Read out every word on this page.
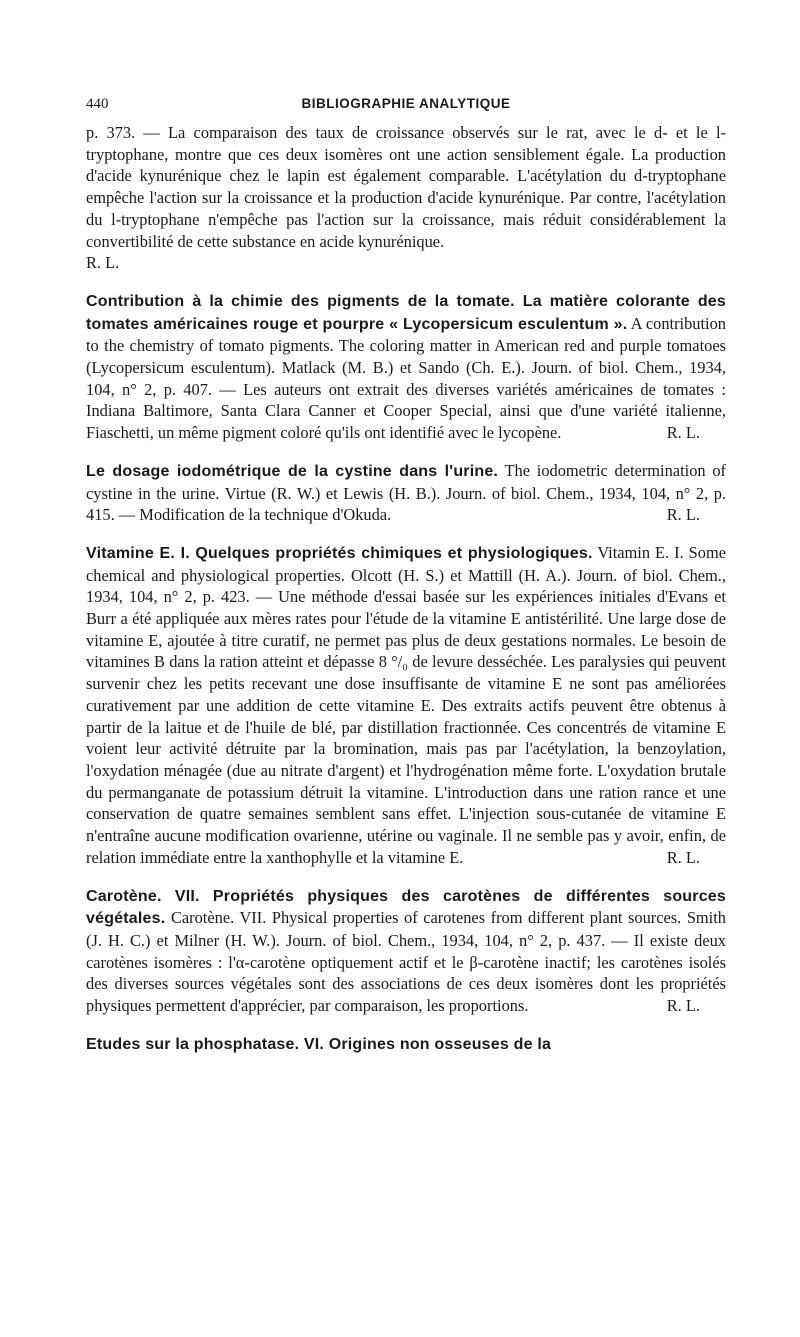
440	BIBLIOGRAPHIE ANALYTIQUE

p. 373. — La comparaison des taux de croissance observés sur le rat, avec le d- et le l-tryptophane, montre que ces deux isomères ont une action sensiblement égale. La production d'acide kynurénique chez le lapin est également comparable. L'acétylation du d-tryptophane empêche l'action sur la croissance et la production d'acide kynurénique. Par contre, l'acétylation du l-tryptophane n'empêche pas l'action sur la croissance, mais réduit considérablement la convertibilité de cette substance en acide kynurénique.

R. L.

Contribution à la chimie des pigments de la tomate. La matière colorante des tomates américaines rouge et pourpre « Lycopersicum esculentum ». A contribution to the chemistry of tomato pigments. The coloring matter in American red and purple tomatoes (Lycopersicum esculentum). Matlack (M. B.) et Sando (Ch. E.). Journ. of biol. Chem., 1934, 104, n° 2, p. 407. — Les auteurs ont extrait des diverses variétés américaines de tomates : Indiana Baltimore, Santa Clara Canner et Cooper Special, ainsi que d'une variété italienne, Fiaschetti, un même pigment coloré qu'ils ont identifié avec le lycopène.	R. L.

Le dosage iodométrique de la cystine dans l'urine. The iodometric determination of cystine in the urine. Virtue (R. W.) et Lewis (H. B.). Journ. of biol. Chem., 1934, 104, n° 2, p. 415. — Modification de la technique d'Okuda.	R. L.

Vitamine E. I. Quelques propriétés chimiques et physiologiques. Vitamin E. I. Some chemical and physiological properties. Olcott (H. S.) et Mattill (H. A.). Journ. of biol. Chem., 1934, 104, n° 2, p. 423. — Une méthode d'essai basée sur les expériences initiales d'Evans et Burr a été appliquée aux mères rates pour l'étude de la vitamine E antistérilité. Une large dose de vitamine E, ajoutée à titre curatif, ne permet pas plus de deux gestations normales. Le besoin de vitamines B dans la ration atteint et dépasse 8 °/₀ de levure desséchée. Les paralysies qui peuvent survenir chez les petits recevant une dose insuffisante de vitamine E ne sont pas améliorées curativement par une addition de cette vitamine E. Des extraits actifs peuvent être obtenus à partir de la laitue et de l'huile de blé, par distillation fractionnée. Ces concentrés de vitamine E voient leur activité détruite par la bromination, mais pas par l'acétylation, la benzoylation, l'oxydation ménagée (due au nitrate d'argent) et l'hydrogénation même forte. L'oxydation brutale du permanganate de potassium détruit la vitamine. L'introduction dans une ration rance et une conservation de quatre semaines semblent sans effet. L'injection sous-cutanée de vitamine E n'entraîne aucune modification ovarienne, utérine ou vaginale. Il ne semble pas y avoir, enfin, de relation immédiate entre la xanthophylle et la vitamine E.	R. L.

Carotène. VII. Propriétés physiques des carotènes de différentes sources végétales. Carotène. VII. Physical properties of carotenes from different plant sources. Smith (J. H. C.) et Milner (H. W.). Journ. of biol. Chem., 1934, 104, n° 2, p. 437. — Il existe deux carotènes isomères : l'α-carotène optiquement actif et le β-carotène inactif; les carotènes isolés des diverses sources végétales sont des associations de ces deux isomères dont les propriétés physiques permettent d'apprécier, par comparaison, les proportions.	R. L.

Etudes sur la phosphatase. VI. Origines non osseuses de la
